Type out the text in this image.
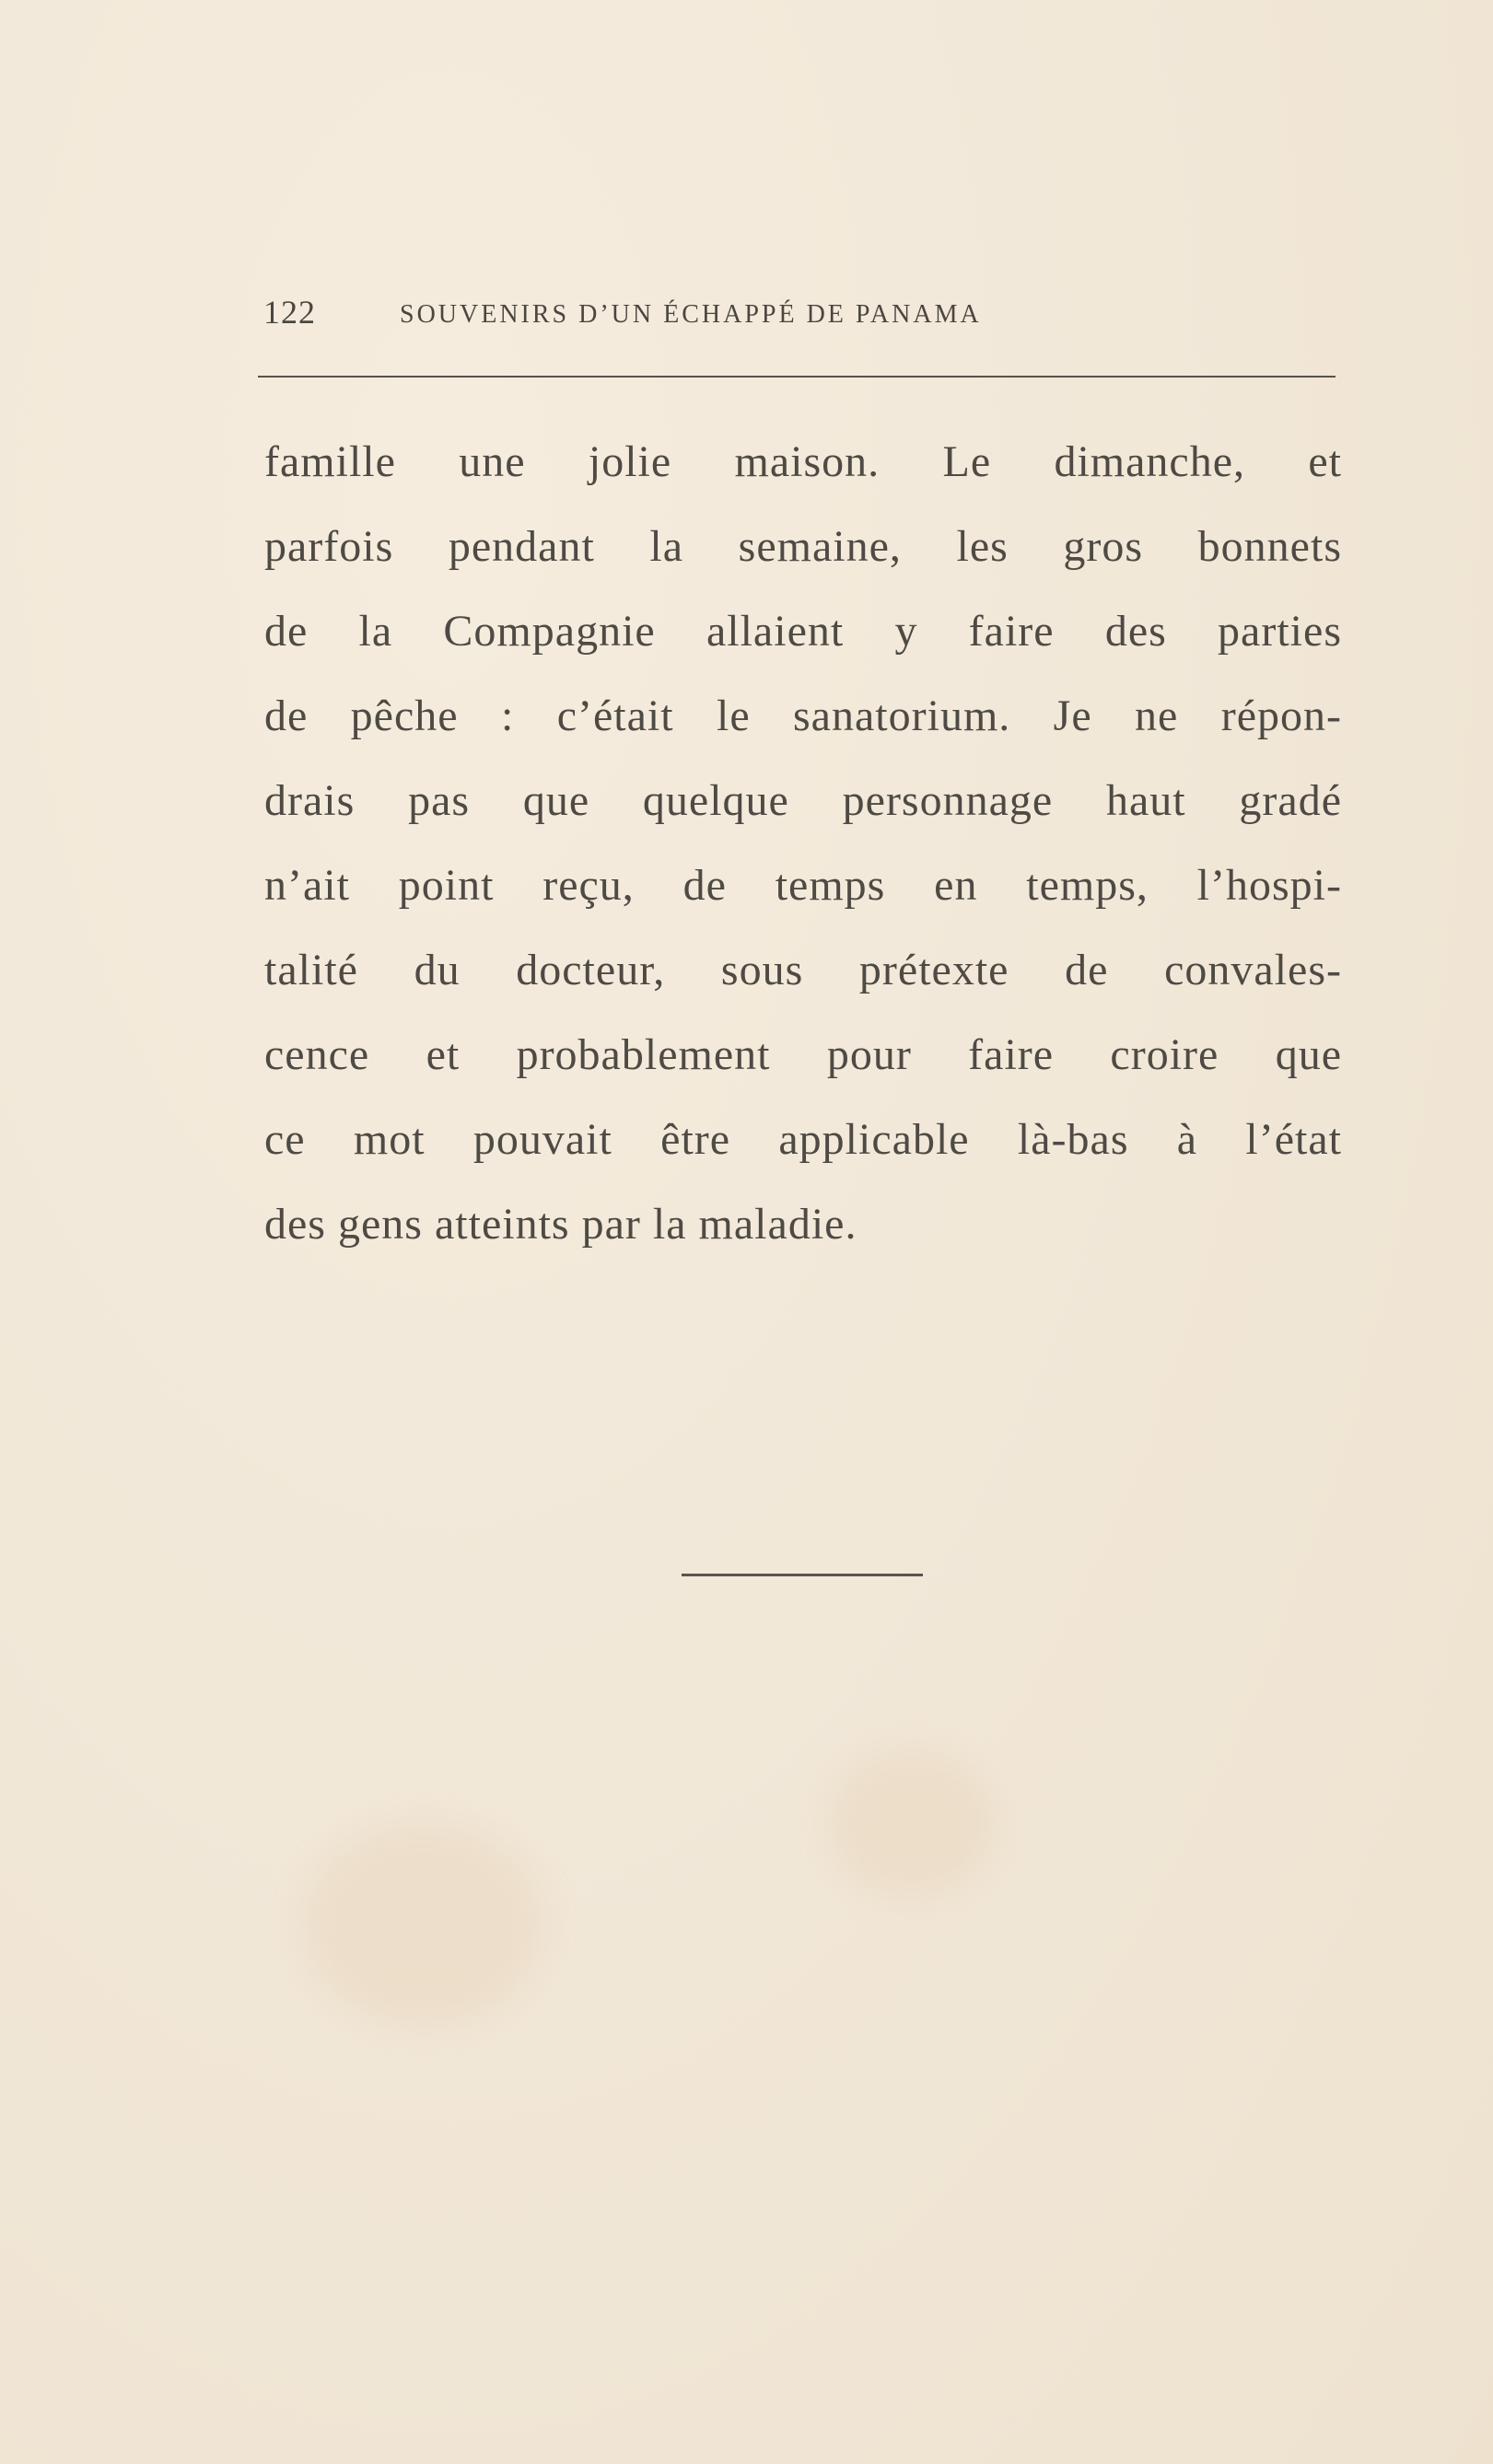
122	SOUVENIRS D’UN ÉCHAPPÉ DE PANAMA
famille une jolie maison. Le dimanche, et
parfois pendant la semaine, les gros bonnets
de la Compagnie allaient y faire des parties
de pêche : c’était le sanatorium. Je ne répon-
drais pas que quelque personnage haut gradé
n’ait point reçu, de temps en temps, l’hospi-
talité du docteur, sous prétexte de convales-
cence et probablement pour faire croire que
ce mot pouvait être applicable là-bas à l’état
des gens atteints par la maladie.
